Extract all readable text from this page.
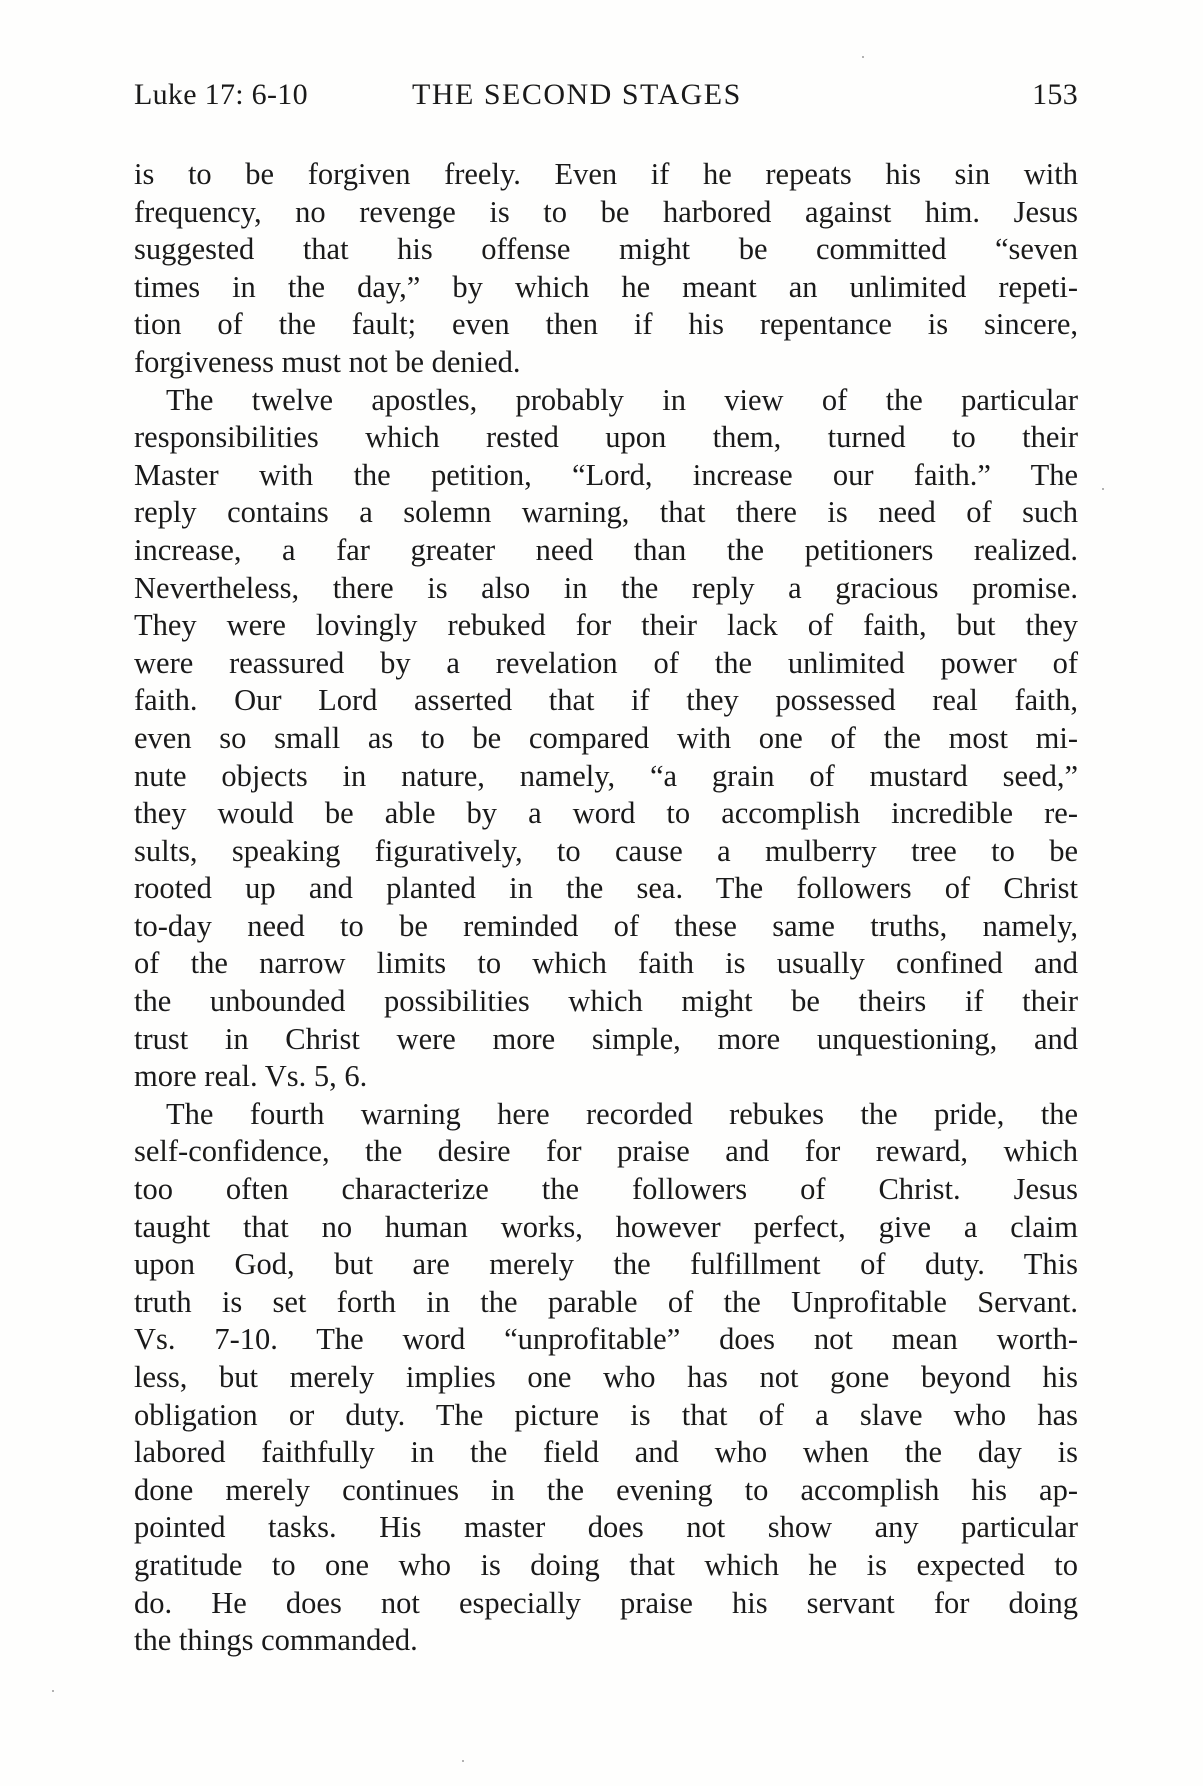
Luke 17: 6-10	THE SECOND STAGES	153
is to be forgiven freely. Even if he repeats his sin with
frequency, no revenge is to be harbored against him. Jesus
suggested that his offense might be committed “seven
times in the day,” by which he meant an unlimited repeti-
tion of the fault; even then if his repentance is sincere,
forgiveness must not be denied.
The twelve apostles, probably in view of the particular
responsibilities which rested upon them, turned to their
Master with the petition, “Lord, increase our faith.” The
reply contains a solemn warning, that there is need of such
increase, a far greater need than the petitioners realized.
Nevertheless, there is also in the reply a gracious promise.
They were lovingly rebuked for their lack of faith, but they
were reassured by a revelation of the unlimited power of
faith. Our Lord asserted that if they possessed real faith,
even so small as to be compared with one of the most mi-
nute objects in nature, namely, “a grain of mustard seed,”
they would be able by a word to accomplish incredible re-
sults, speaking figuratively, to cause a mulberry tree to be
rooted up and planted in the sea. The followers of Christ
to-day need to be reminded of these same truths, namely,
of the narrow limits to which faith is usually confined and
the unbounded possibilities which might be theirs if their
trust in Christ were more simple, more unquestioning, and
more real. Vs. 5, 6.
The fourth warning here recorded rebukes the pride, the
self-confidence, the desire for praise and for reward, which
too often characterize the followers of Christ. Jesus
taught that no human works, however perfect, give a claim
upon God, but are merely the fulfillment of duty. This
truth is set forth in the parable of the Unprofitable Servant.
Vs. 7-10. The word “unprofitable” does not mean worth-
less, but merely implies one who has not gone beyond his
obligation or duty. The picture is that of a slave who has
labored faithfully in the field and who when the day is
done merely continues in the evening to accomplish his ap-
pointed tasks. His master does not show any particular
gratitude to one who is doing that which he is expected to
do. He does not especially praise his servant for doing
the things commanded.
